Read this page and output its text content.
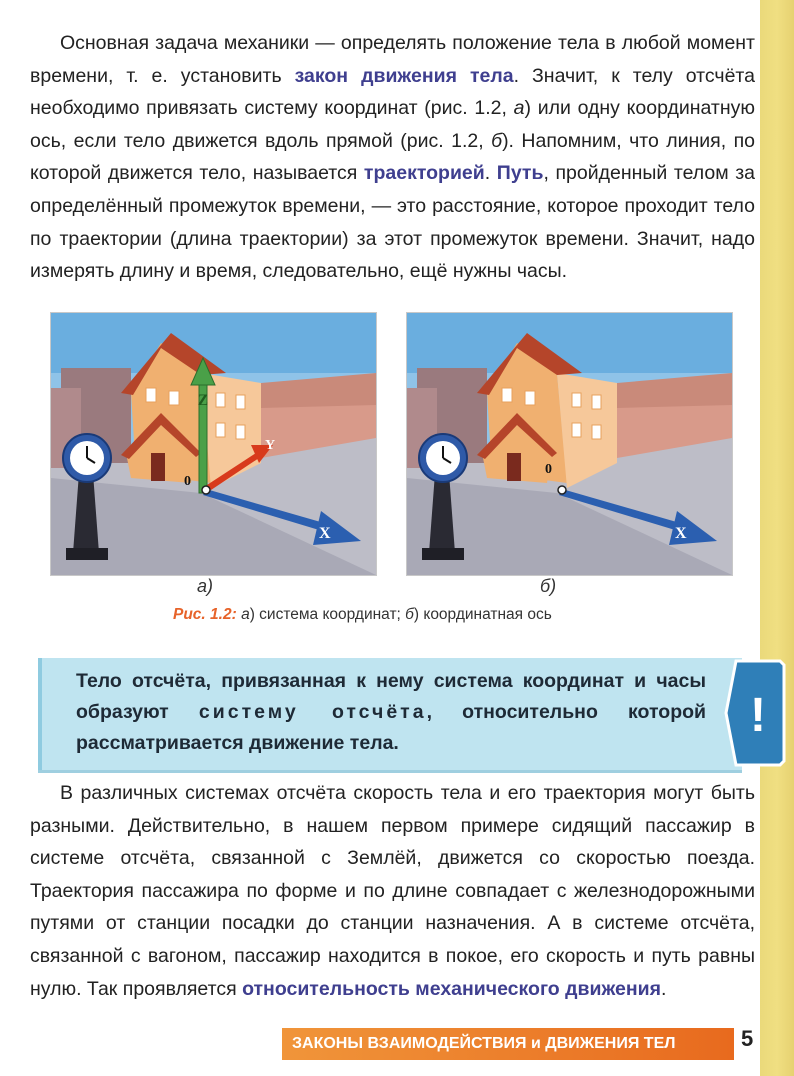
Основная задача механики — определять положение тела в любой момент времени, т. е. установить закон движения тела. Значит, к телу отсчёта необходимо привязать систему координат (рис. 1.2, а) или одну координатную ось, если тело движется вдоль прямой (рис. 1.2, б). Напомним, что линия, по которой движется тело, называется траекторией. Путь, пройденный телом за определённый промежуток времени, — это расстояние, которое проходит тело по траектории (длина траектории) за этот промежуток времени. Значит, надо измерять длину и время, следовательно, ещё нужны часы.

Z
Y
X
0
X
0
а)	б)
Рис. 1.2: а) система координат; б) координатная ось
Тело отсчёта, привязанная к нему система координат и часы образуют систему отсчёта, относительно которой рассматривается движение тела.
!

В различных системах отсчёта скорость тела и его траектория могут быть разными. Действительно, в нашем первом примере сидящий пассажир в системе отсчёта, связанной с Землёй, движется со скоростью поезда. Траектория пассажира по форме и по длине совпадает с железнодорожными путями от станции посадки до станции назначения. А в системе отсчёта, связанной с вагоном, пассажир находится в покое, его скорость и путь равны нулю. Так проявляется относительность механического движения.

ЗАКОНЫ ВЗАИМОДЕЙСТВИЯ и ДВИЖЕНИЯ ТЕЛ	5
